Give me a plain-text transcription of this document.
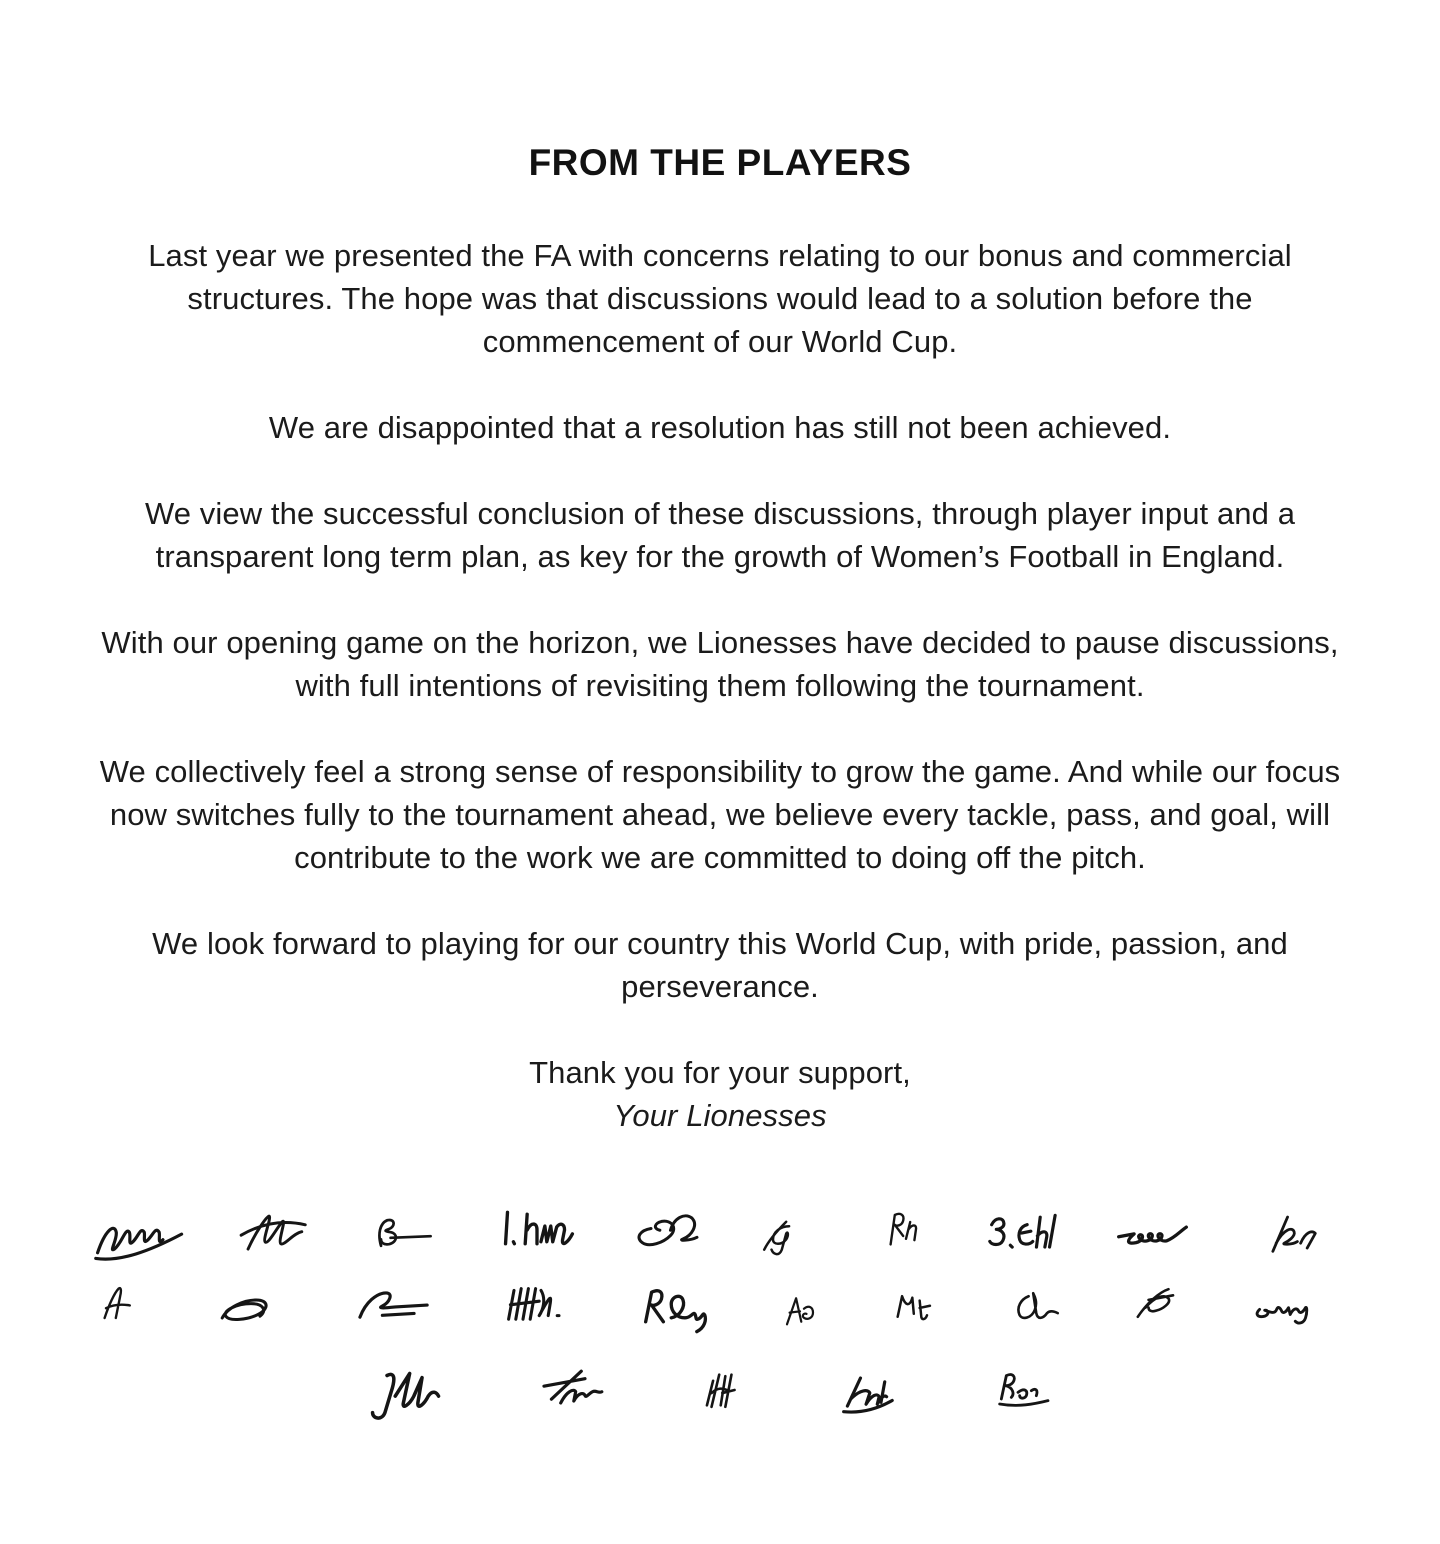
FROM THE PLAYERS

Last year we presented the FA with concerns relating to our bonus and commercial structures. The hope was that discussions would lead to a solution before the commencement of our World Cup.

We are disappointed that a resolution has still not been achieved.

We view the successful conclusion of these discussions, through player input and a transparent long term plan, as key for the growth of Women’s Football in England.

With our opening game on the horizon, we Lionesses have decided to pause discussions, with full intentions of revisiting them following the tournament.

We collectively feel a strong sense of responsibility to grow the game. And while our focus now switches fully to the tournament ahead, we believe every tackle, pass, and goal, will contribute to the work we are committed to doing off the pitch.

We look forward to playing for our country this World Cup, with pride, passion, and perseverance.

Thank you for your support,
Your Lionesses
